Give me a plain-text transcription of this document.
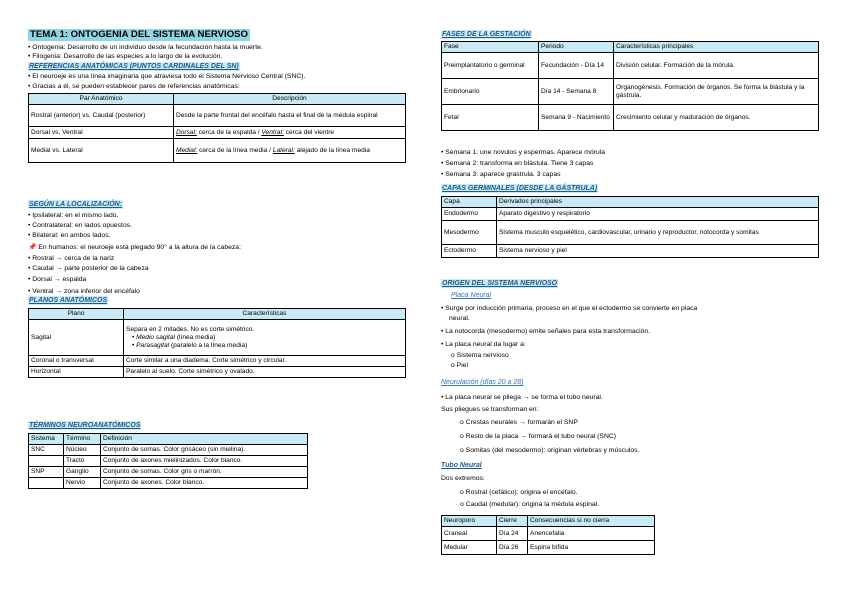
TEMA 1: ONTOGENIA DEL SISTEMA NERVIOSO
• Ontogenia: Desarrollo de un individuo desde la fecundación hasta la muerte.
• Filogenia: Desarrollo de las especies a lo largo de la evolución.
REFERENCIAS ANATÓMICAS (PUNTOS CARDINALES DEL SN)
• El neuroeje es una línea imaginaria que atraviesa todo el Sistema Nervioso Central (SNC).
• Gracias a él, se pueden establecer pares de referencias anatómicas:
Par Anatómico	Descripción
Rostral (anterior) vs. Caudal (posterior)	Desde la parte frontal del encéfalo hasta el final de la médula espinal
Dorsal vs. Ventral	Dorsal: cerca de la espalda / Ventral: cerca del vientre
Medial vs. Lateral	Medial: cerca de la línea media / Lateral: alejado de la línea media
SEGÚN LA LOCALIZACIÓN:
• Ipsilateral: en el mismo lado.
• Contralateral: en lados opuestos.
• Bilateral: en ambos lados.
📌 En humanos: el neuroeje está plegado 90° a la altura de la cabeza:
• Rostral → cerca de la nariz
• Caudal → parte posterior de la cabeza
• Dorsal → espalda
• Ventral → zona inferior del encéfalo
PLANOS ANATÓMICOS
Plano	Características
Sagital	Separa en 2 mitades. No es corte simétrico.
• Medio sagital (línea media)
• Parasagital (paralelo a la línea media)

Coronal o transversal	Corte similar a una diadema. Corte simétrico y circular.
Horizontal	Paralelo al suelo. Corte simétrico y ovalado.
TÉRMINOS NEUROANATÓMICOS
Sistema	Término	Definición
SNC	Núcleo	Conjunto de somas. Color grisáceo (sin mielina).
	Tracto	Conjunto de axones mielinizados. Color blanco.
SNP	Ganglio	Conjunto de somas. Color gris o marrón.
	Nervio	Conjunto de axones. Color blanco.
FASES DE LA GESTACIÓN
Fase	Periodo	Características principales
Preimplantatorio o germinal	Fecundación - Día 14	División celular. Formación de la mórula.
Embrionario	Día 14 - Semana 8	Organogénesis. Formación de órganos. Se forma la blástula y la gástrula.
Fetal	Semana 9 - Nacimiento	Crecimiento celular y maduración de órganos.
• Semana 1: une novulos y espermas. Aparece mórula
• Semana 2: transforma en blástula. Tiene 3 capas
• Semana 3: aparece grastrula. 3 capas
CAPAS GERMINALES (DESDE LA GÁSTRULA)
Capa	Derivados principales
Endodermo	Aparato digestivo y respiratorio
Mesodermo	Sistema musculo esquelético, cardiovascular, urinario y reproductor, notocorda y somitas
Ectodermo	Sistema nervioso y piel
ORIGEN DEL SISTEMA NERVIOSO
Placa Neural
• Surge por inducción primaria, proceso en el que el ectodermo se convierte en placa
neural.
• La notocorda (mesodermo) emite señales para esta transformación.
• La placa neural da lugar a:
o Sistema nervioso
o Piel
Neurulación (días 20 a 28)
• La placa neural se pliega → se forma el tubo neural.
Sus pliegues se transforman en:
o Crestas neurales → formarán el SNP
o Resto de la placa → formará el tubo neural (SNC)
o Somitas (del mesodermo): originan vértebras y músculos.
Tubo Neural
Dos extremos:
o Rostral (cefálico): origina el encéfalo.
o Caudal (medular): origina la médula espinal.
Neuroporo	Cierre	Consecuencias si no cierra
Craneal	Día 24	Anencefalia
Medular	Día 26	Espina bífida
